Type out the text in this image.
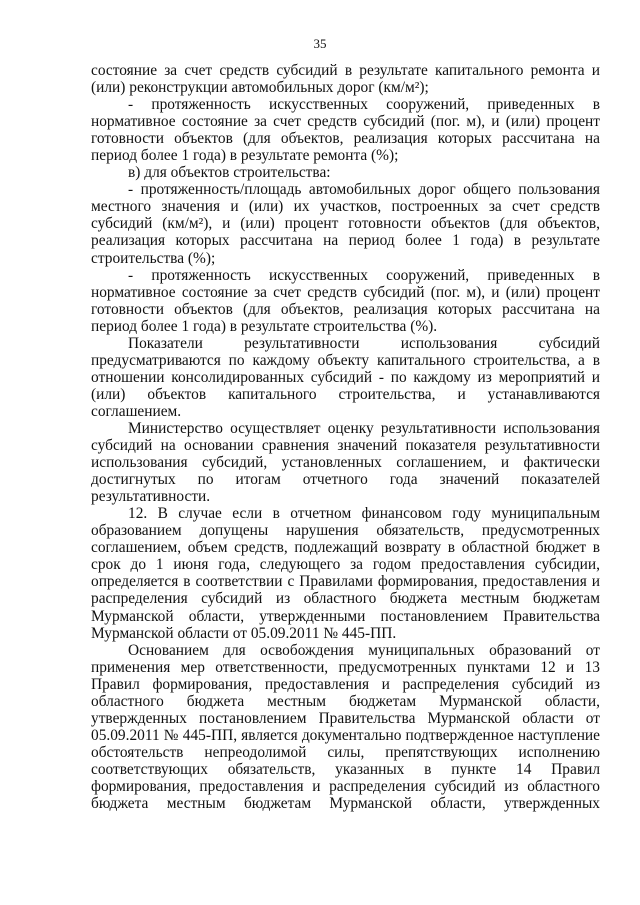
35

состояние за счет средств субсидий в результате капитального ремонта и (или) реконструкции автомобильных дорог (км/м²);

- протяженность искусственных сооружений, приведенных в нормативное состояние за счет средств субсидий (пог. м), и (или) процент готовности объектов (для объектов, реализация которых рассчитана на период более 1 года) в результате ремонта (%);

в) для объектов строительства:

- протяженность/площадь автомобильных дорог общего пользования местного значения и (или) их участков, построенных за счет средств субсидий (км/м²), и (или) процент готовности объектов (для объектов, реализация которых рассчитана на период более 1 года) в результате строительства (%);

- протяженность искусственных сооружений, приведенных в нормативное состояние за счет средств субсидий (пог. м), и (или) процент готовности объектов (для объектов, реализация которых рассчитана на период более 1 года) в результате строительства (%).

Показатели результативности использования субсидий предусматриваются по каждому объекту капитального строительства, а в отношении консолидированных субсидий - по каждому из мероприятий и (или) объектов капитального строительства, и устанавливаются соглашением.

Министерство осуществляет оценку результативности использования субсидий на основании сравнения значений показателя результативности использования субсидий, установленных соглашением, и фактически достигнутых по итогам отчетного года значений показателей результативности.

12. В случае если в отчетном финансовом году муниципальным образованием допущены нарушения обязательств, предусмотренных соглашением, объем средств, подлежащий возврату в областной бюджет в срок до 1 июня года, следующего за годом предоставления субсидии, определяется в соответствии с Правилами формирования, предоставления и распределения субсидий из областного бюджета местным бюджетам Мурманской области, утвержденными постановлением Правительства Мурманской области от 05.09.2011 № 445-ПП.

Основанием для освобождения муниципальных образований от применения мер ответственности, предусмотренных пунктами 12 и 13 Правил формирования, предоставления и распределения субсидий из областного бюджета местным бюджетам Мурманской области, утвержденных постановлением Правительства Мурманской области от 05.09.2011 № 445-ПП, является документально подтвержденное наступление обстоятельств непреодолимой силы, препятствующих исполнению соответствующих обязательств, указанных в пункте 14 Правил формирования, предоставления и распределения субсидий из областного бюджета местным бюджетам Мурманской области, утвержденных
